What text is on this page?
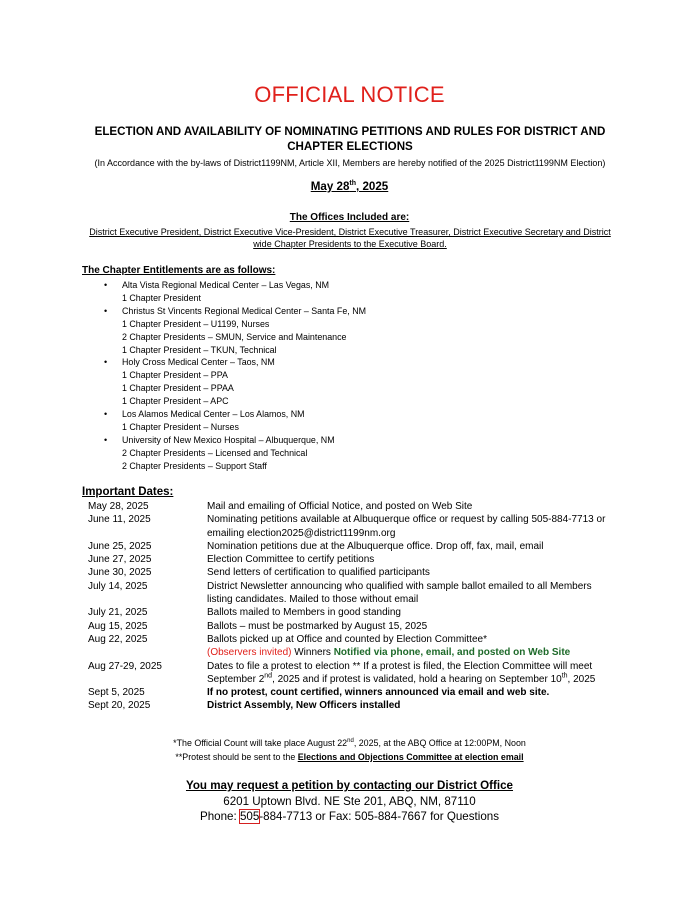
OFFICIAL NOTICE
ELECTION AND AVAILABILITY OF NOMINATING PETITIONS AND RULES FOR DISTRICT AND CHAPTER ELECTIONS
(In Accordance with the by-laws of District1199NM, Article XII, Members are hereby notified of the 2025 District1199NM Election)
May 28th, 2025
The Offices Included are:
District Executive President, District Executive Vice-President, District Executive Treasurer, District Executive Secretary and District wide Chapter Presidents to the Executive Board.
The Chapter Entitlements are as follows:
• Alta Vista Regional Medical Center – Las Vegas, NM
1 Chapter President
• Christus St Vincents Regional Medical Center – Santa Fe, NM
1 Chapter President – U1199, Nurses
2 Chapter Presidents – SMUN, Service and Maintenance
1 Chapter President – TKUN, Technical
• Holy Cross Medical Center – Taos, NM
1 Chapter President – PPA
1 Chapter President – PPAA
1 Chapter President – APC
• Los Alamos Medical Center – Los Alamos, NM
1 Chapter President – Nurses
• University of New Mexico Hospital – Albuquerque, NM
2 Chapter Presidents – Licensed and Technical
2 Chapter Presidents – Support Staff
Important Dates:
May 28, 2025	Mail and emailing of Official Notice, and posted on Web Site
June 11, 2025	Nominating petitions available at Albuquerque office or request by calling 505-884-7713 or emailing election2025@district1199nm.org
June 25, 2025	Nomination petitions due at the Albuquerque office. Drop off, fax, mail, email
June 27, 2025	Election Committee to certify petitions
June 30, 2025	Send letters of certification to qualified participants
July 14, 2025	District Newsletter announcing who qualified with sample ballot emailed to all Members listing candidates. Mailed to those without email
July 21, 2025	Ballots mailed to Members in good standing
Aug 15, 2025	Ballots – must be postmarked by August 15, 2025
Aug 22, 2025	Ballots picked up at Office and counted by Election Committee*
(Observers invited) Winners Notified via phone, email, and posted on Web Site
Aug 27-29, 2025	Dates to file a protest to election ** If a protest is filed, the Election Committee will meet September 2nd, 2025 and if protest is validated, hold a hearing on September 10th, 2025
Sept 5, 2025	If no protest, count certified, winners announced via email and web site.
Sept 20, 2025	District Assembly, New Officers installed
*The Official Count will take place August 22nd, 2025, at the ABQ Office at 12:00PM, Noon
**Protest should be sent to the Elections and Objections Committee at election email
You may request a petition by contacting our District Office
6201 Uptown Blvd. NE Ste 201, ABQ, NM, 87110
Phone: 505-884-7713 or Fax: 505-884-7667 for Questions
